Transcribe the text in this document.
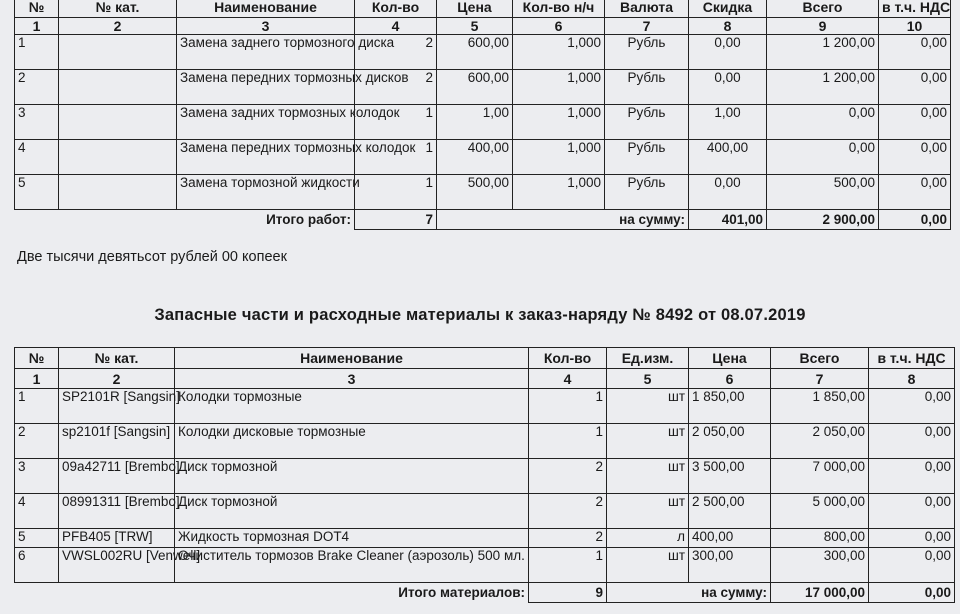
№	№ кат.	Наименование	Кол-во	Цена	Кол-во н/ч	Валюта	Скидка	Всего	в т.ч. НДС
1	2	3	4	5	6	7	8	9	10
1		Замена заднего тормозного диска	2	600,00	1,000	Рубль	0,00	1 200,00	0,00
2		Замена передних тормозных дисков	2	600,00	1,000	Рубль	0,00	1 200,00	0,00
3		Замена задних тормозных колодок	1	1,00	1,000	Рубль	1,00	0,00	0,00
4		Замена передних тормозных колодок	1	400,00	1,000	Рубль	400,00	0,00	0,00
5		Замена тормозной жидкости	1	500,00	1,000	Рубль	0,00	500,00	0,00
		Итого работ:	7		на сумму:		401,00	2 900,00	0,00
Две тысячи девятьсот рублей 00 копеек
Запасные части и расходные материалы к заказ-наряду № 8492 от 08.07.2019
№	№ кат.	Наименование	Кол-во	Ед.изм.	Цена	Всего	в т.ч. НДС
1	2	3	4	5	6	7	8
1	SP2101R [Sangsin]	Колодки тормозные	1	шт	1 850,00	1 850,00	0,00
2	sp2101f [Sangsin]	Колодки дисковые тормозные	1	шт	2 050,00	2 050,00	0,00
3	09a42711 [Brembo]	Диск тормозной	2	шт	3 500,00	7 000,00	0,00
4	08991311 [Brembo]	Диск тормозной	2	шт	2 500,00	5 000,00	0,00
5	PFB405 [TRW]	Жидкость тормозная DOT4	2	л	400,00	800,00	0,00
6	VWSL002RU [Venwell]	Очиститель тормозов Brake Cleaner (аэрозоль) 500 мл.	1	шт	300,00	300,00	0,00
	Итого материалов:		9		на сумму:	17 000,00	0,00
